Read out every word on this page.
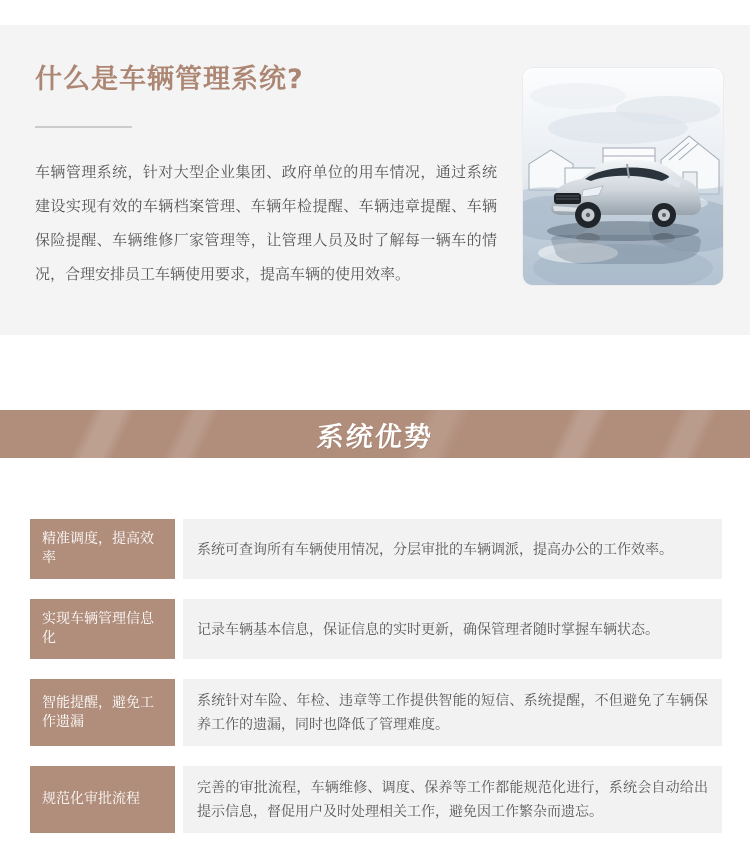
什么是车辆管理系统?

车辆管理系统，针对大型企业集团、政府单位的用车情况，通过系统建设实现有效的车辆档案管理、车辆年检提醒、车辆违章提醒、车辆保险提醒、车辆维修厂家管理等，让管理人员及时了解每一辆车的情况，合理安排员工车辆使用要求，提高车辆的使用效率。

系统优势
精准调度，提高效率
系统可查询所有车辆使用情况，分层审批的车辆调派，提高办公的工作效率。
实现车辆管理信息化
记录车辆基本信息，保证信息的实时更新，确保管理者随时掌握车辆状态。
智能提醒，避免工作遗漏
系统针对车险、年检、违章等工作提供智能的短信、系统提醒，不但避免了车辆保养工作的遗漏，同时也降低了管理难度。
规范化审批流程
完善的审批流程，车辆维修、调度、保养等工作都能规范化进行，系统会自动给出提示信息，督促用户及时处理相关工作，避免因工作繁杂而遗忘。
